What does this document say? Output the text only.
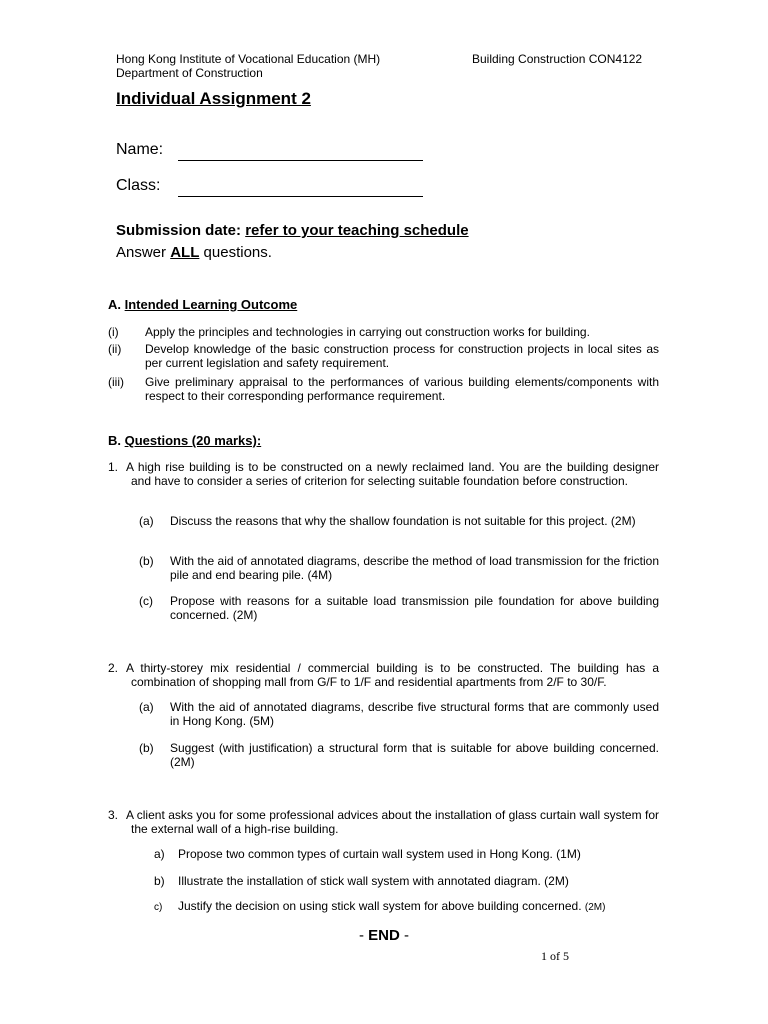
Hong Kong Institute of Vocational Education (MH)
Department of Construction
Building Construction CON4122
Individual Assignment 2
Name:
Class:
Submission date: refer to your teaching schedule
Answer ALL questions.
A. Intended Learning Outcome
(i) Apply the principles and technologies in carrying out construction works for building.
(ii) Develop knowledge of the basic construction process for construction projects in local sites as per current legislation and safety requirement.
(iii) Give preliminary appraisal to the performances of various building elements/components with respect to their corresponding performance requirement.
B. Questions (20 marks):
1. A high rise building is to be constructed on a newly reclaimed land. You are the building designer and have to consider a series of criterion for selecting suitable foundation before construction.
(a) Discuss the reasons that why the shallow foundation is not suitable for this project. (2M)
(b) With the aid of annotated diagrams, describe the method of load transmission for the friction pile and end bearing pile. (4M)
(c) Propose with reasons for a suitable load transmission pile foundation for above building concerned. (2M)
2. A thirty-storey mix residential / commercial building is to be constructed. The building has a combination of shopping mall from G/F to 1/F and residential apartments from 2/F to 30/F.
(a) With the aid of annotated diagrams, describe five structural forms that are commonly used in Hong Kong. (5M)
(b) Suggest (with justification) a structural form that is suitable for above building concerned. (2M)
3. A client asks you for some professional advices about the installation of glass curtain wall system for the external wall of a high-rise building.
a) Propose two common types of curtain wall system used in Hong Kong. (1M)
b) Illustrate the installation of stick wall system with annotated diagram. (2M)
c) Justify the decision on using stick wall system for above building concerned. (2M)
- END -
1 of 5
